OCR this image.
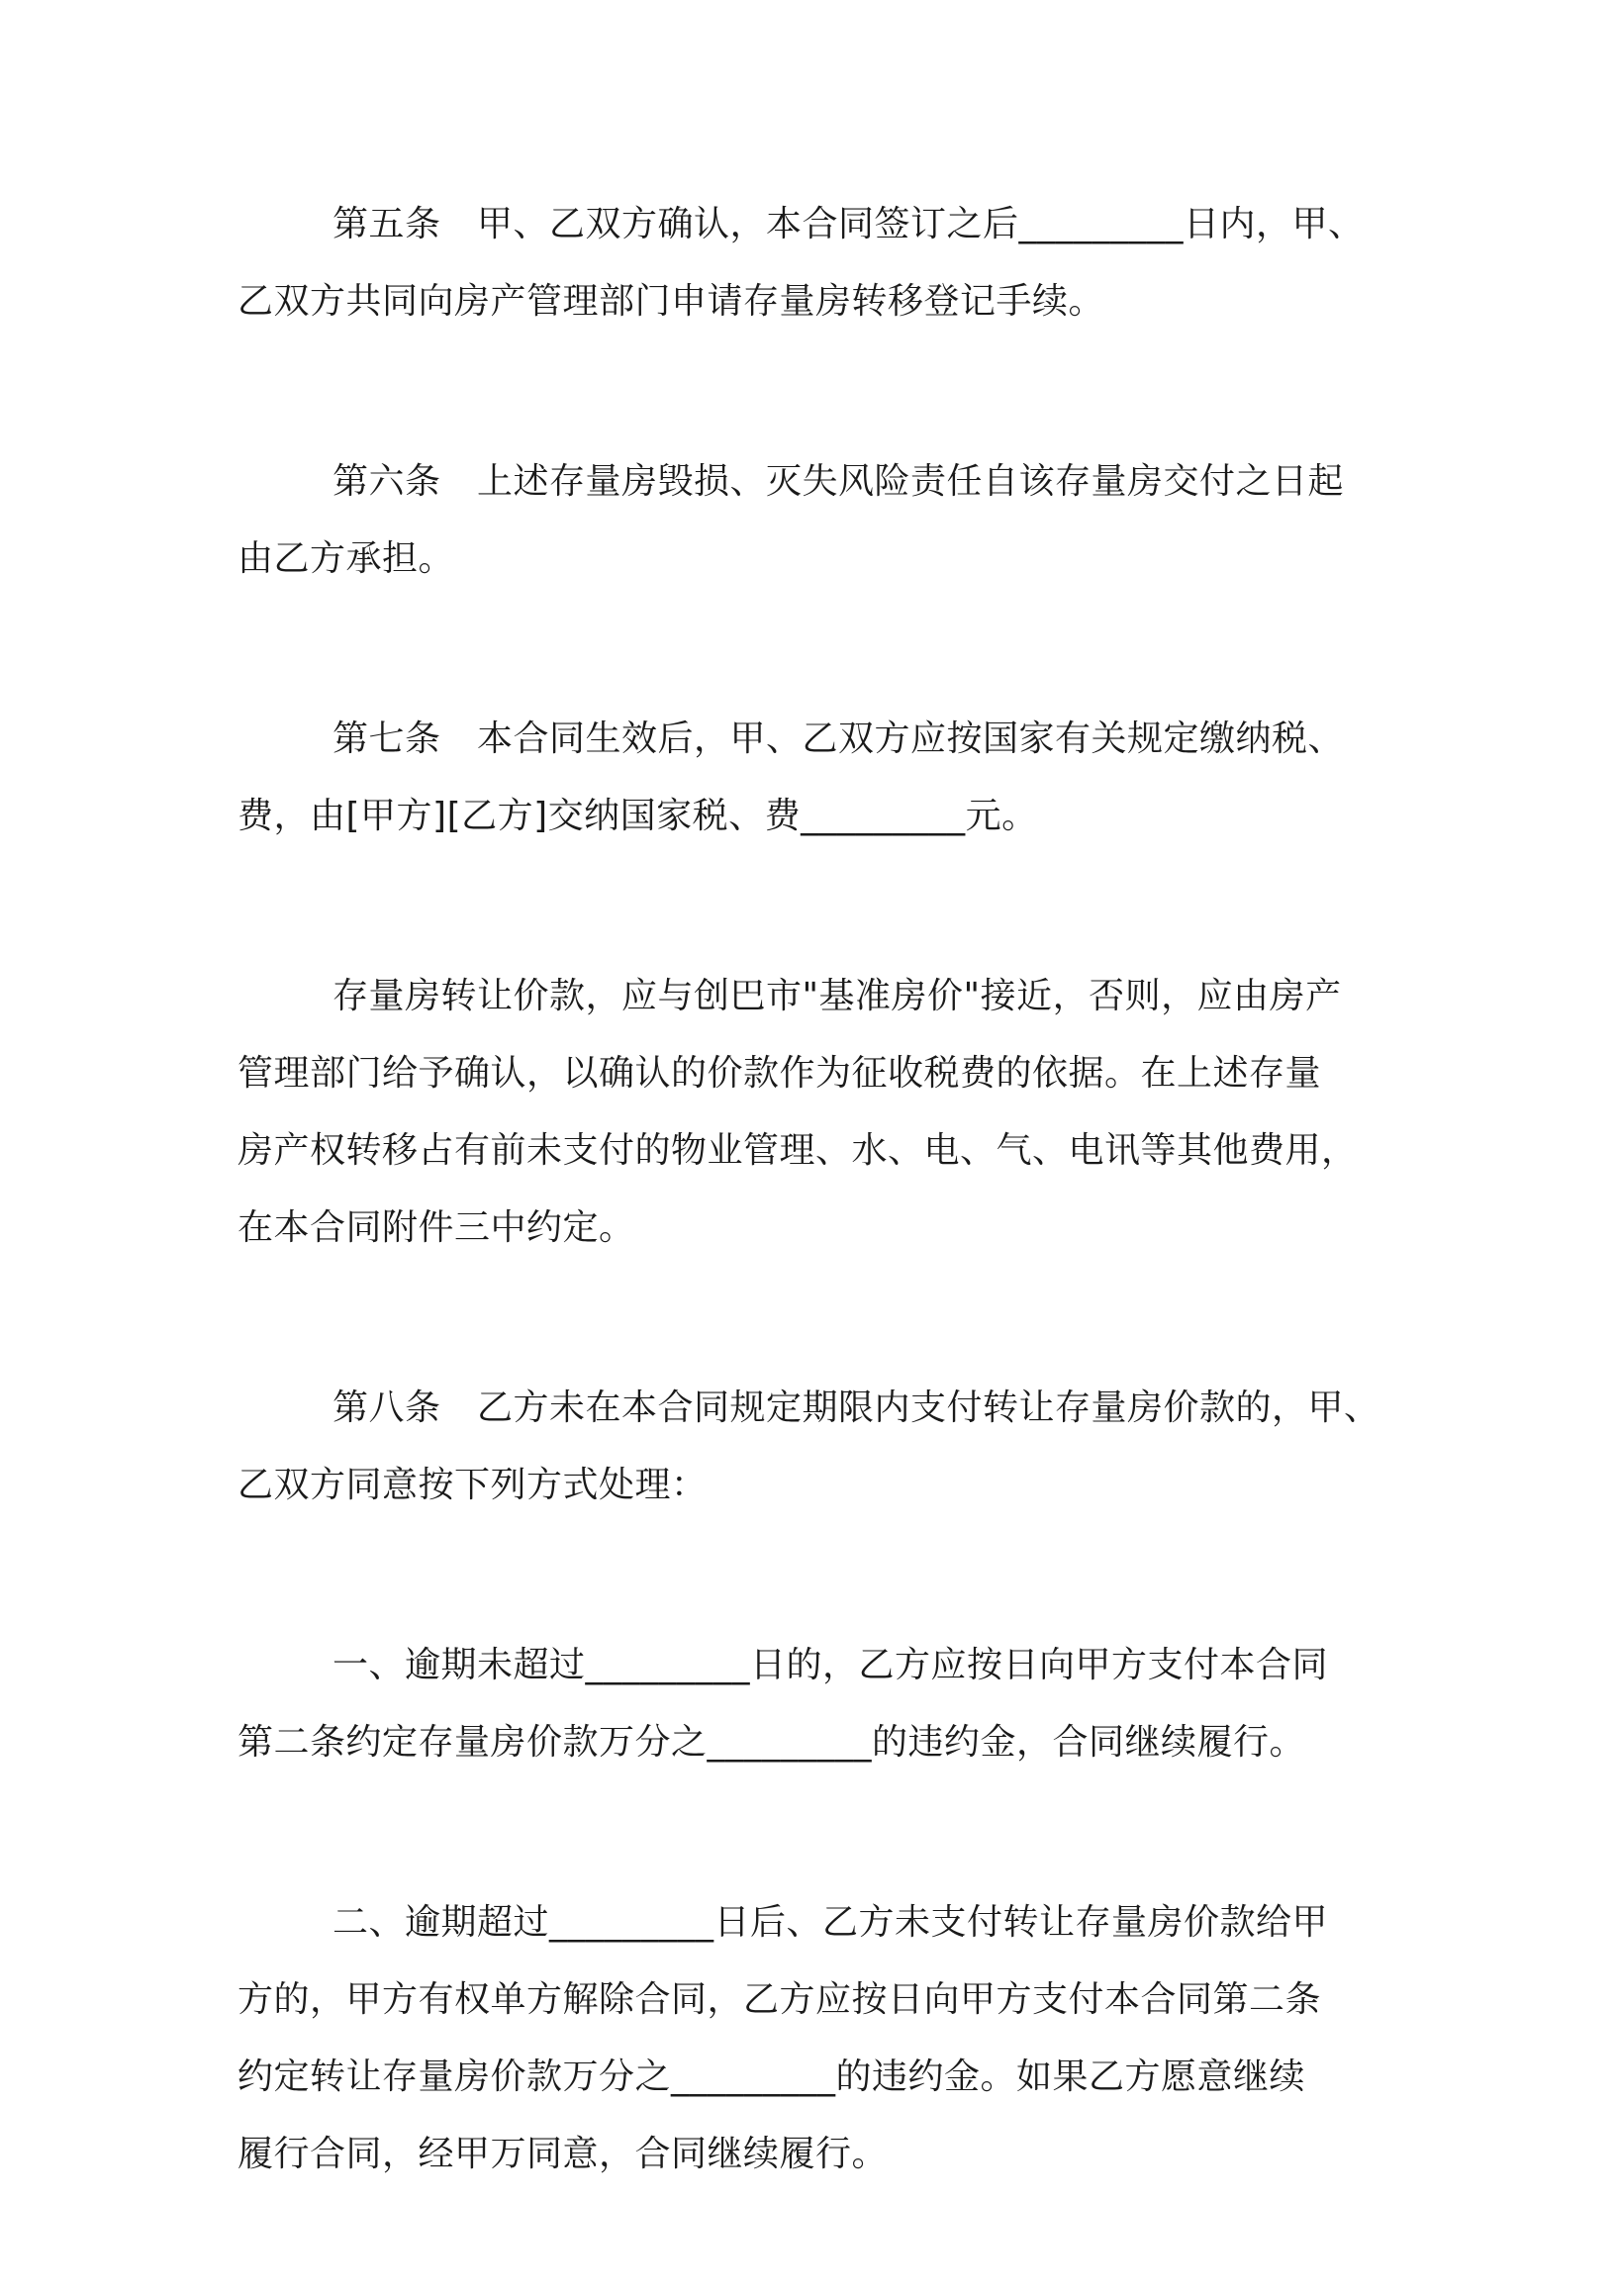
第五条　甲、乙双方确认，本合同签订之后_________日内，甲、
乙双方共同向房产管理部门申请存量房转移登记手续。
第六条　上述存量房毁损、灭失风险责任自该存量房交付之日起
由乙方承担。
第七条　本合同生效后，甲、乙双方应按国家有关规定缴纳税、
费，由[甲方][乙方]交纳国家税、费_________元。
存量房转让价款，应与创巴市"基准房价"接近，否则，应由房产
管理部门给予确认，以确认的价款作为征收税费的依据。在上述存量
房产权转移占有前未支付的物业管理、水、电、气、电讯等其他费用，
在本合同附件三中约定。
第八条　乙方未在本合同规定期限内支付转让存量房价款的，甲、
乙双方同意按下列方式处理：
一、逾期未超过_________日的，乙方应按日向甲方支付本合同
第二条约定存量房价款万分之_________的违约金，合同继续履行。
二、逾期超过_________日后、乙方未支付转让存量房价款给甲
方的，甲方有权单方解除合同，乙方应按日向甲方支付本合同第二条
约定转让存量房价款万分之_________的违约金。如果乙方愿意继续
履行合同，经甲万同意，合同继续履行。
